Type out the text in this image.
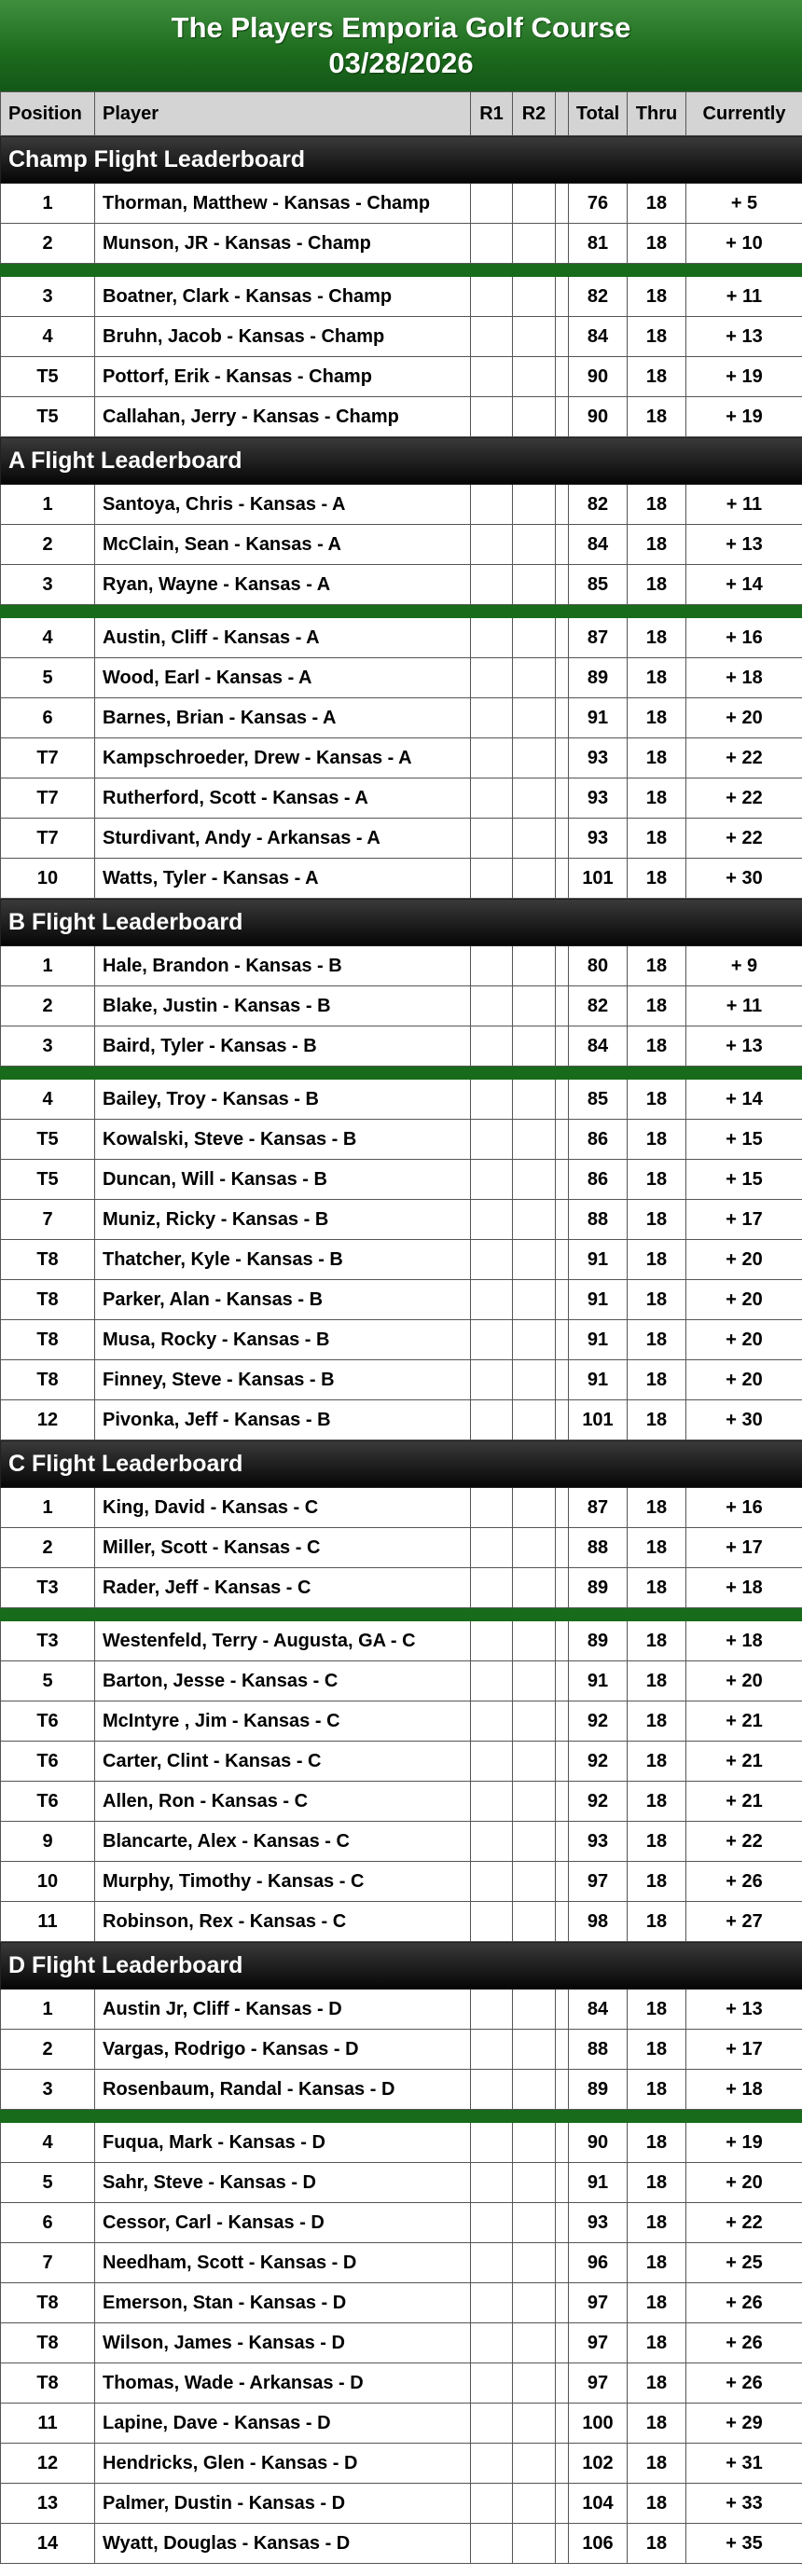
The Players Emporia Golf Course
03/28/2026
Position	Player	R1	R2		Total	Thru	Currently
Champ Flight Leaderboard							
1	Thorman, Matthew - Kansas - Champ				76	18	+ 5
2	Munson, JR - Kansas - Champ				81	18	+ 10

3	Boatner, Clark - Kansas - Champ				82	18	+ 11
4	Bruhn, Jacob - Kansas - Champ				84	18	+ 13
T5	Pottorf, Erik - Kansas - Champ				90	18	+ 19
T5	Callahan, Jerry - Kansas - Champ				90	18	+ 19
A Flight Leaderboard							
1	Santoya, Chris - Kansas - A				82	18	+ 11
2	McClain, Sean - Kansas - A				84	18	+ 13
3	Ryan, Wayne - Kansas - A				85	18	+ 14

4	Austin, Cliff - Kansas - A				87	18	+ 16
5	Wood, Earl - Kansas - A				89	18	+ 18
6	Barnes, Brian - Kansas - A				91	18	+ 20
T7	Kampschroeder, Drew - Kansas - A				93	18	+ 22
T7	Rutherford, Scott - Kansas - A				93	18	+ 22
T7	Sturdivant, Andy - Arkansas - A				93	18	+ 22
10	Watts, Tyler - Kansas - A				101	18	+ 30
B Flight Leaderboard							
1	Hale, Brandon - Kansas - B				80	18	+ 9
2	Blake, Justin - Kansas - B				82	18	+ 11
3	Baird, Tyler - Kansas - B				84	18	+ 13

4	Bailey, Troy - Kansas - B				85	18	+ 14
T5	Kowalski, Steve - Kansas - B				86	18	+ 15
T5	Duncan, Will - Kansas - B				86	18	+ 15
7	Muniz, Ricky - Kansas - B				88	18	+ 17
T8	Thatcher, Kyle - Kansas - B				91	18	+ 20
T8	Parker, Alan - Kansas - B				91	18	+ 20
T8	Musa, Rocky - Kansas - B				91	18	+ 20
T8	Finney, Steve - Kansas - B				91	18	+ 20
12	Pivonka, Jeff - Kansas - B				101	18	+ 30
C Flight Leaderboard							
1	King, David - Kansas - C				87	18	+ 16
2	Miller, Scott - Kansas - C				88	18	+ 17
T3	Rader, Jeff - Kansas - C				89	18	+ 18

T3	Westenfeld, Terry - Augusta, GA - C				89	18	+ 18
5	Barton, Jesse - Kansas - C				91	18	+ 20
T6	McIntyre , Jim - Kansas - C				92	18	+ 21
T6	Carter, Clint - Kansas - C				92	18	+ 21
T6	Allen, Ron - Kansas - C				92	18	+ 21
9	Blancarte, Alex - Kansas - C				93	18	+ 22
10	Murphy, Timothy - Kansas - C				97	18	+ 26
11	Robinson, Rex - Kansas - C				98	18	+ 27
D Flight Leaderboard							
1	Austin Jr, Cliff - Kansas - D				84	18	+ 13
2	Vargas, Rodrigo - Kansas - D				88	18	+ 17
3	Rosenbaum, Randal - Kansas - D				89	18	+ 18

4	Fuqua, Mark - Kansas - D				90	18	+ 19
5	Sahr, Steve - Kansas - D				91	18	+ 20
6	Cessor, Carl - Kansas - D				93	18	+ 22
7	Needham, Scott - Kansas - D				96	18	+ 25
T8	Emerson, Stan - Kansas - D				97	18	+ 26
T8	Wilson, James - Kansas - D				97	18	+ 26
T8	Thomas, Wade - Arkansas - D				97	18	+ 26
11	Lapine, Dave - Kansas - D				100	18	+ 29
12	Hendricks, Glen - Kansas - D				102	18	+ 31
13	Palmer, Dustin - Kansas - D				104	18	+ 33
14	Wyatt, Douglas - Kansas - D				106	18	+ 35
